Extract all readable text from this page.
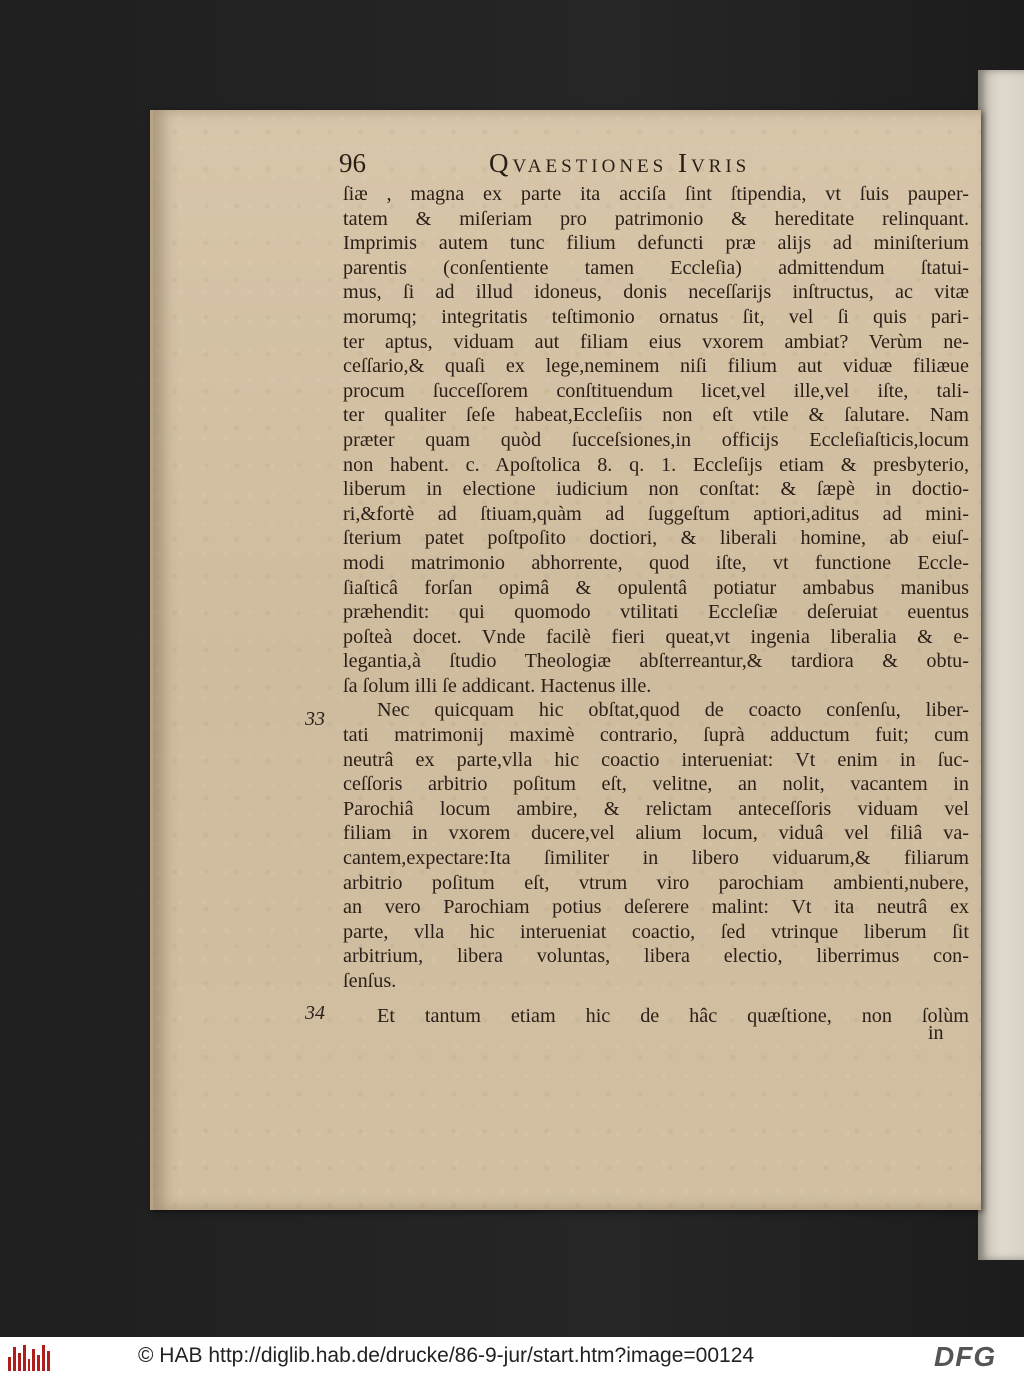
96	Qvaestiones Ivris
ſiæ , magna ex parte ita acciſa ſint ſtipendia, vt ſuis pauper-
tatem & miſeriam pro patrimonio & hereditate relinquant.
Imprimis autem tunc filium defuncti præ alijs ad miniſterium
parentis (conſentiente tamen Eccleſia) admittendum ſtatui-
mus, ſi ad illud idoneus, donis neceſſarijs inſtructus, ac vitæ
morumq; integritatis teſtimonio ornatus ſit, vel ſi quis pari-
ter aptus, viduam aut filiam eius vxorem ambiat? Verùm ne-
ceſſario,& quaſi ex lege,neminem niſi filium aut viduæ filiæue
procum ſucceſſorem conſtituendum licet,vel ille,vel iſte, tali-
ter qualiter ſeſe habeat,Eccleſiis non eſt vtile & ſalutare. Nam
præter quam quòd ſucceſsiones,in officijs Eccleſiaſticis,locum
non habent. c. Apoſtolica 8. q. 1. Eccleſijs etiam & presbyterio,
liberum in electione iudicium non conſtat: & ſæpè in doctio-
ri,&fortè ad ſtiuam,quàm ad ſuggeſtum aptiori,aditus ad mini-
ſterium patet poſtpoſito doctiori, & liberali homine, ab eiuſ-
modi matrimonio abhorrente, quod iſte, vt functione Eccle-
ſiaſticâ forſan opimâ & opulentâ potiatur ambabus manibus
præhendit: qui quomodo vtilitati Eccleſiæ deſeruiat euentus
poſteà docet. Vnde facilè fieri queat,vt ingenia liberalia & e-
legantia,à ſtudio Theologiæ abſterreantur,& tardiora & obtu-
ſa ſolum illi ſe addicant. Hactenus ille.
Nec quicquam hic obſtat,quod de coacto conſenſu, liber-
tati matrimonij maximè contrario, ſuprà adductum fuit; cum
neutrâ ex parte,vlla hic coactio interueniat: Vt enim in ſuc-
ceſſoris arbitrio poſitum eſt, velitne, an nolit, vacantem in
Parochiâ locum ambire, & relictam anteceſſoris viduam vel
filiam in vxorem ducere,vel alium locum, viduâ vel filiâ va-
cantem,expectare:Ita ſimiliter in libero viduarum,& filiarum
arbitrio poſitum eſt, vtrum viro parochiam ambienti,nubere,
an vero Parochiam potius deſerere malint: Vt ita neutrâ ex
parte, vlla hic interueniat coactio, ſed vtrinque liberum ſit
arbitrium, libera voluntas, libera electio, liberrimus con-
ſenſus.
Et tantum etiam hic de hâc quæſtione, non ſolùm
33
34
in
© HAB http://diglib.hab.de/drucke/86-9-jur/start.htm?image=00124	DFG
